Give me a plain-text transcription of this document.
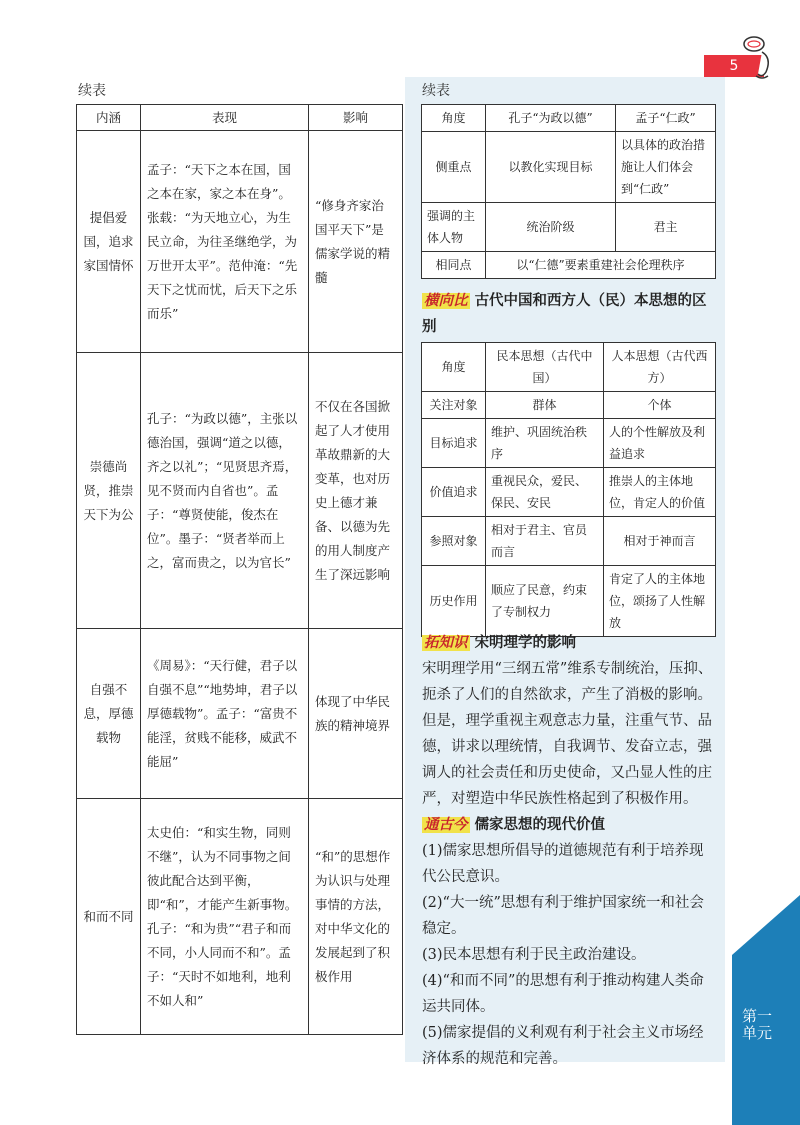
第一单元
5
续表
内涵	表现	影响
提倡爱国，追求家国情怀	孟子：“天下之本在国，国之本在家，家之本在身”。张载：“为天地立心，为生民立命，为往圣继绝学，为万世开太平”。范仲淹：“先天下之忧而忧，后天下之乐而乐”	“修身齐家治国平天下”是儒家学说的精髓
崇德尚贤，推崇天下为公	孔子：“为政以德”，主张以德治国，强调“道之以德，齐之以礼”；“见贤思齐焉，见不贤而内自省也”。孟子：“尊贤使能，俊杰在位”。墨子：“贤者举而上之，富而贵之，以为官长”	不仅在各国掀起了人才使用革故鼎新的大变革，也对历史上德才兼备、以德为先的用人制度产生了深远影响
自强不息，厚德载物	《周易》：“天行健，君子以自强不息”“地势坤，君子以厚德载物”。孟子：“富贵不能淫，贫贱不能移，威武不能屈”	体现了中华民族的精神境界
和而不同	太史伯：“和实生物，同则不继”，认为不同事物之间彼此配合达到平衡，即“和”，才能产生新事物。孔子：“和为贵”“君子和而不同，小人同而不和”。孟子：“天时不如地利，地利不如人和”	“和”的思想作为认识与处理事情的方法，对中华文化的发展起到了积极作用
续表
角度	孔子“为政以德”	孟子“仁政”
侧重点	以教化实现目标	以具体的政治措施让人们体会到“仁政”
强调的主体人物	统治阶级	君主
相同点	以“仁德”要素重建社会伦理秩序	
横向比 古代中国和西方人（民）本思想的区别
角度	民本思想（古代中国）	人本思想（古代西方）
关注对象	群体	个体
目标追求	维护、巩固统治秩序	人的个性解放及利益追求
价值追求	重视民众，爱民、保民、安民	推崇人的主体地位，肯定人的价值
参照对象	相对于君主、官员而言	相对于神而言
历史作用	顺应了民意，约束了专制权力	肯定了人的主体地位，颂扬了人性解放
拓知识 宋明理学的影响
宋明理学用“三纲五常”维系专制统治，压抑、扼杀了人们的自然欲求，产生了消极的影响。但是，理学重视主观意志力量，注重气节、品德，讲求以理统情，自我调节、发奋立志，强调人的社会责任和历史使命，又凸显人性的庄严，对塑造中华民族性格起到了积极作用。
通古今 儒家思想的现代价值

(1)儒家思想所倡导的道德规范有利于培养现代公民意识。

(2)“大一统”思想有利于维护国家统一和社会稳定。

(3)民本思想有利于民主政治建设。

(4)“和而不同”的思想有利于推动构建人类命运共同体。

(5)儒家提倡的义利观有利于社会主义市场经济体系的规范和完善。
